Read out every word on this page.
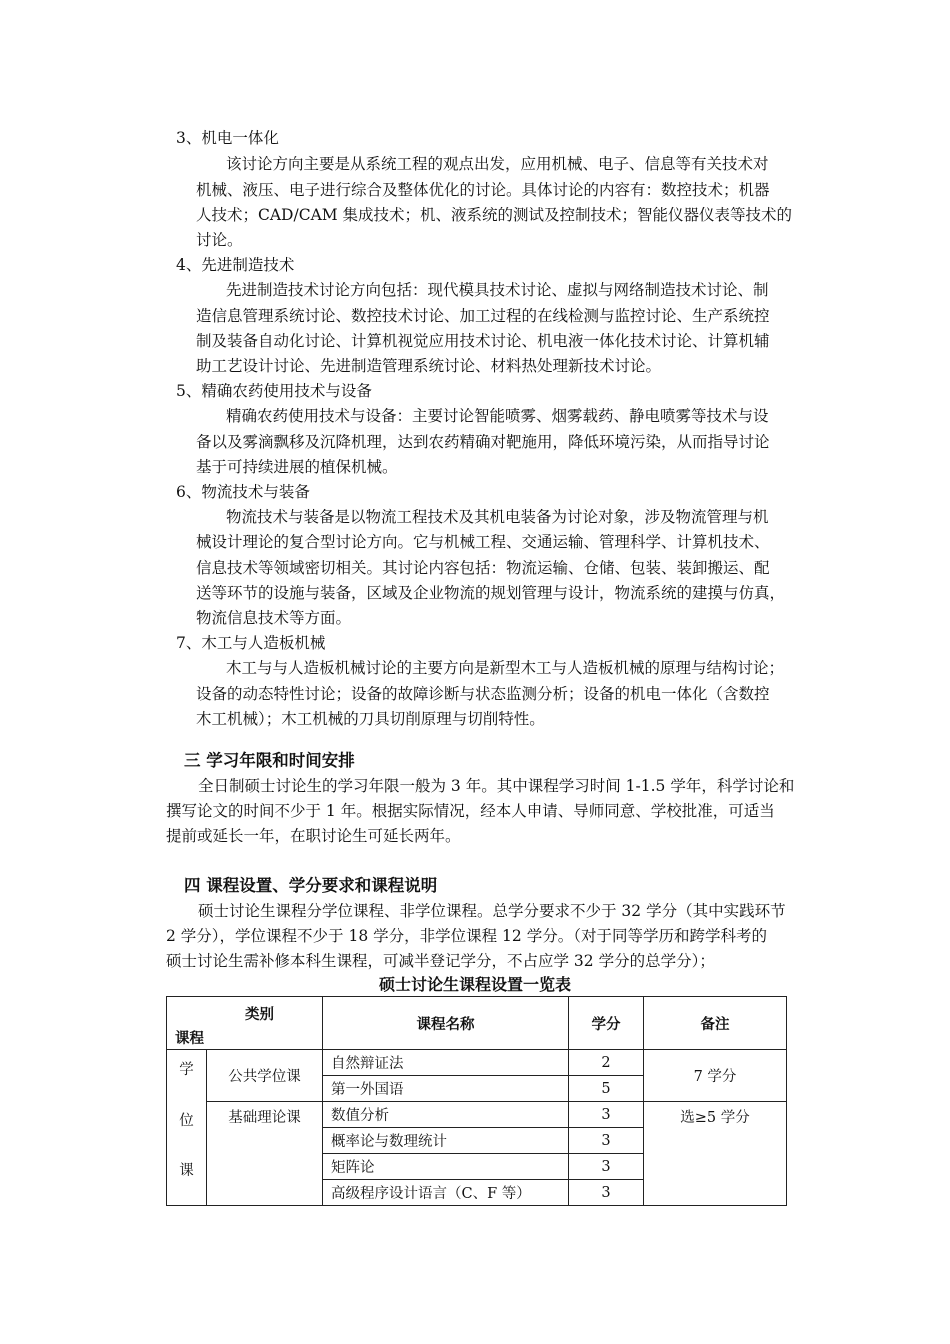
3、机电一体化
该讨论方向主要是从系统工程的观点出发，应用机械、电子、信息等有关技术对
机械、液压、电子进行综合及整体优化的讨论。具体讨论的内容有：数控技术；机器
人技术；CAD/CAM 集成技术；机、液系统的测试及控制技术；智能仪器仪表等技术的
讨论。
4、先进制造技术
先进制造技术讨论方向包括：现代模具技术讨论、虚拟与网络制造技术讨论、制
造信息管理系统讨论、数控技术讨论、加工过程的在线检测与监控讨论、生产系统控
制及装备自动化讨论、计算机视觉应用技术讨论、机电液一体化技术讨论、计算机辅
助工艺设计讨论、先进制造管理系统讨论、材料热处理新技术讨论。
5、精确农药使用技术与设备
精确农药使用技术与设备：主要讨论智能喷雾、烟雾载药、静电喷雾等技术与设
备以及雾滴飘移及沉降机理，达到农药精确对靶施用，降低环境污染，从而指导讨论
基于可持续进展的植保机械。
6、物流技术与装备
物流技术与装备是以物流工程技术及其机电装备为讨论对象，涉及物流管理与机
械设计理论的复合型讨论方向。它与机械工程、交通运输、管理科学、计算机技术、
信息技术等领域密切相关。其讨论内容包括：物流运输、仓储、包装、装卸搬运、配
送等环节的设施与装备，区域及企业物流的规划管理与设计，物流系统的建摸与仿真，
物流信息技术等方面。
7、木工与人造板机械
木工与与人造板机械讨论的主要方向是新型木工与人造板机械的原理与结构讨论；
设备的动态特性讨论；设备的故障诊断与状态监测分析；设备的机电一体化（含数控
木工机械）；木工机械的刀具切削原理与切削特性。
三 学习年限和时间安排
全日制硕士讨论生的学习年限一般为 3 年。其中课程学习时间 1-1.5 学年，科学讨论和
撰写论文的时间不少于 1 年。根据实际情况，经本人申请、导师同意、学校批准，可适当
提前或延长一年，在职讨论生可延长两年。
四 课程设置、学分要求和课程说明
硕士讨论生课程分学位课程、非学位课程。总学分要求不少于 32 学分（其中实践环节
2 学分），学位课程不少于 18 学分，非学位课程 12 学分。（对于同等学历和跨学科考的
硕士讨论生需补修本科生课程，可减半登记学分，不占应学 32 学分的总学分）；
硕士讨论生课程设置一览表
类别
课程		课程名称	学分	备注

学
位
课	公共学位课	自然辩证法	2	7 学分
		第一外国语	5	
	基础理论课	数值分析	3	选≥5 学分
		概率论与数理统计	3	
		矩阵论	3	
		高级程序设计语言（C、F 等）	3	
